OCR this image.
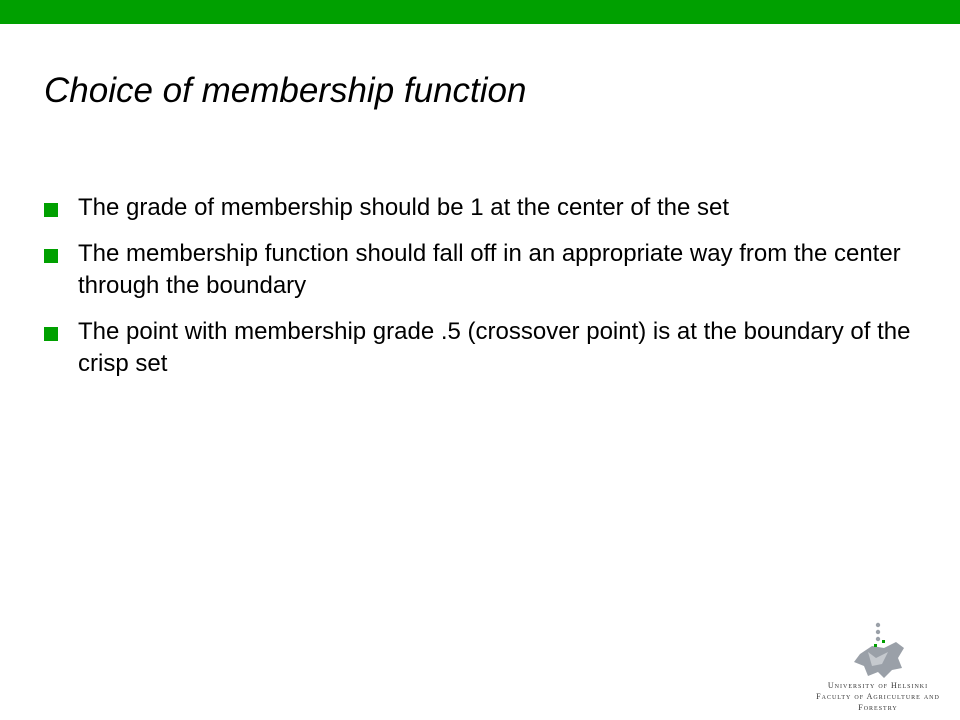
Choice of membership function
The grade of membership should be 1 at the center of the set
The membership function should fall off in an appropriate way from the center through the boundary
The point with membership grade .5 (crossover point) is at the boundary of the crisp set
University of Helsinki
Faculty of Agriculture and
Forestry
